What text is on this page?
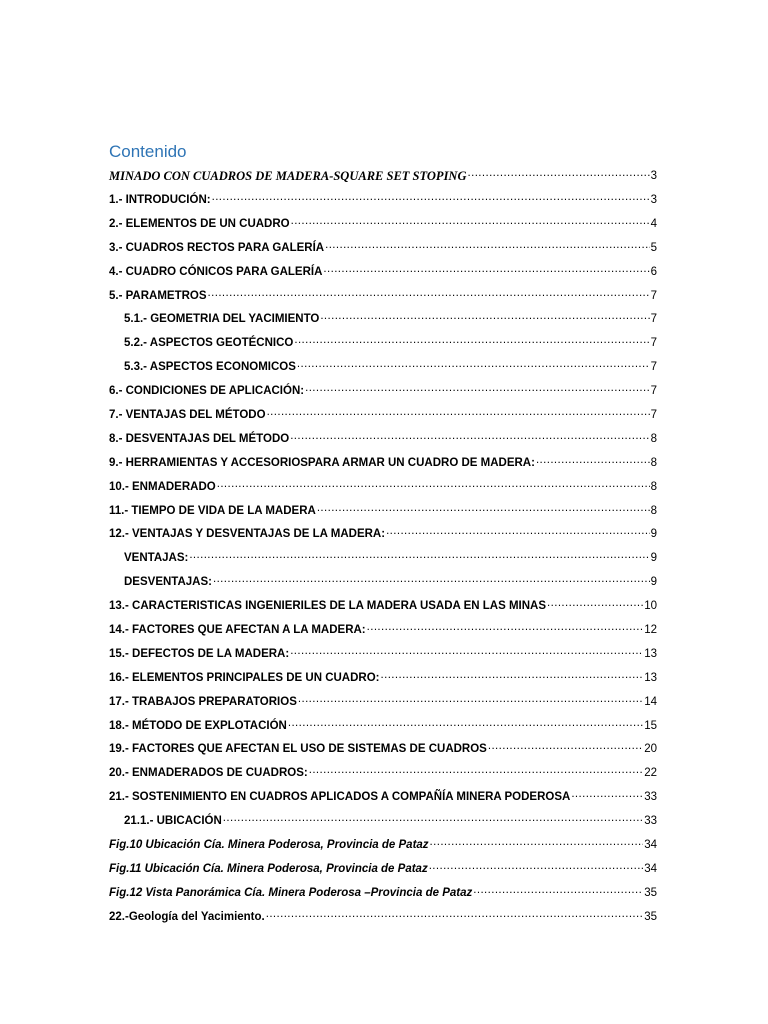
Contenido
MINADO CON CUADROS DE MADERA-SQUARE SET STOPING .....	3
1.- INTRODUCIÓN: .....	3
2.- ELEMENTOS DE UN CUADRO .....	4
3.- CUADROS RECTOS PARA GALERÍA .....	5
4.- CUADRO CÓNICOS PARA GALERÍA .....	6
5.- PARAMETROS .....	7
5.1.- GEOMETRIA DEL YACIMIENTO .....	7
5.2.- ASPECTOS GEOTÉCNICO .....	7
5.3.- ASPECTOS ECONOMICOS .....	7
6.- CONDICIONES DE APLICACIÓN: .....	7
7.- VENTAJAS DEL MÉTODO .....	7
8.- DESVENTAJAS DEL MÉTODO .....	8
9.- HERRAMIENTAS Y ACCESORIOSPARA ARMAR UN CUADRO DE MADERA: .....	8
10.- ENMADERADO .....	8
11.- TIEMPO DE VIDA DE LA MADERA .....	8
12.- VENTAJAS Y DESVENTAJAS DE LA MADERA: .....	9
VENTAJAS: .....	9
DESVENTAJAS: .....	9
13.- CARACTERISTICAS INGENIERILES DE LA MADERA USADA EN LAS MINAS .....	10
14.- FACTORES QUE AFECTAN A LA MADERA: .....	12
15.- DEFECTOS DE LA MADERA: .....	13
16.- ELEMENTOS PRINCIPALES DE UN CUADRO: .....	13
17.- TRABAJOS PREPARATORIOS .....	14
18.- MÉTODO DE EXPLOTACIÓN .....	15
19.- FACTORES QUE AFECTAN EL USO DE SISTEMAS DE CUADROS .....	20
20.- ENMADERADOS DE CUADROS: .....	22
21.- SOSTENIMIENTO EN CUADROS APLICADOS A COMPAÑÍA MINERA PODEROSA .....	33
21.1.- UBICACIÓN .....	33
Fig.10 Ubicación Cía. Minera Poderosa, Provincia de Pataz .....	34
Fig.11 Ubicación Cía. Minera Poderosa, Provincia de Pataz .....	34
Fig.12 Vista Panorámica Cía. Minera Poderosa –Provincia de Pataz .....	35
22.-Geología del Yacimiento. .....	35
